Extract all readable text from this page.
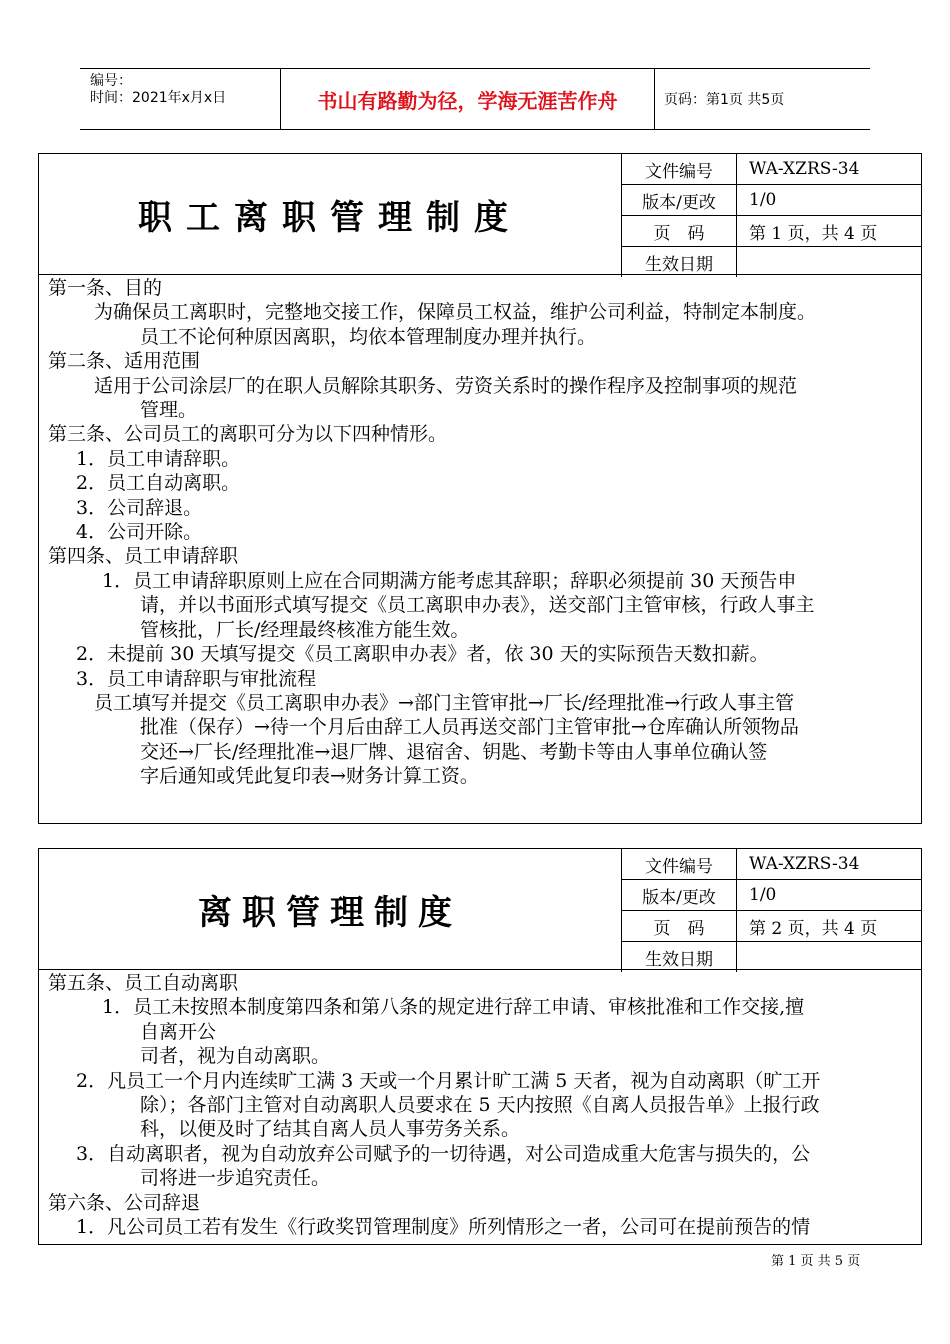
编号：
时间：2021年x月x日	书山有路勤为径，学海无涯苦作舟	页码：第1页 共5页
职工离职管理制度
文件编号	WA-XZRS-34
版本/更改	1/0
页　码	第 1 页，共 4 页
生效日期	

第一条、目的

为确保员工离职时，完整地交接工作，保障员工权益，维护公司利益，特制定本制度。

员工不论何种原因离职，均依本管理制度办理并执行。

第二条、适用范围

适用于公司涂层厂的在职人员解除其职务、劳资关系时的操作程序及控制事项的规范

管理。

第三条、公司员工的离职可分为以下四种情形。

1．员工申请辞职。

2．员工自动离职。

3．公司辞退。

4．公司开除。

第四条、员工申请辞职

1．员工申请辞职原则上应在合同期满方能考虑其辞职；辞职必须提前 30 天预告申

请，并以书面形式填写提交《员工离职申办表》，送交部门主管审核，行政人事主

管核批，厂长/经理最终核准方能生效。

2．未提前 30 天填写提交《员工离职申办表》者，依 30 天的实际预告天数扣薪。

3．员工申请辞职与审批流程

员工填写并提交《员工离职申办表》→部门主管审批→厂长/经理批准→行政人事主管

批准（保存）→待一个月后由辞工人员再送交部门主管审批→仓库确认所领物品

交还→厂长/经理批准→退厂牌、退宿舍、钥匙、考勤卡等由人事单位确认签

字后通知或凭此复印表→财务计算工资。

离职管理制度
文件编号	WA-XZRS-34
版本/更改	1/0
页　码	第 2 页，共 4 页
生效日期	

第五条、员工自动离职

1．员工未按照本制度第四条和第八条的规定进行辞工申请、审核批准和工作交接,擅

自离开公

司者，视为自动离职。

2．凡员工一个月内连续旷工满 3 天或一个月累计旷工满 5 天者，视为自动离职（旷工开

除）；各部门主管对自动离职人员要求在 5 天内按照《自离人员报告单》上报行政

科，以便及时了结其自离人员人事劳务关系。

3．自动离职者，视为自动放弃公司赋予的一切待遇，对公司造成重大危害与损失的，公

司将进一步追究责任。

第六条、公司辞退

1．凡公司员工若有发生《行政奖罚管理制度》所列情形之一者，公司可在提前预告的情

第 1 页 共 5 页
